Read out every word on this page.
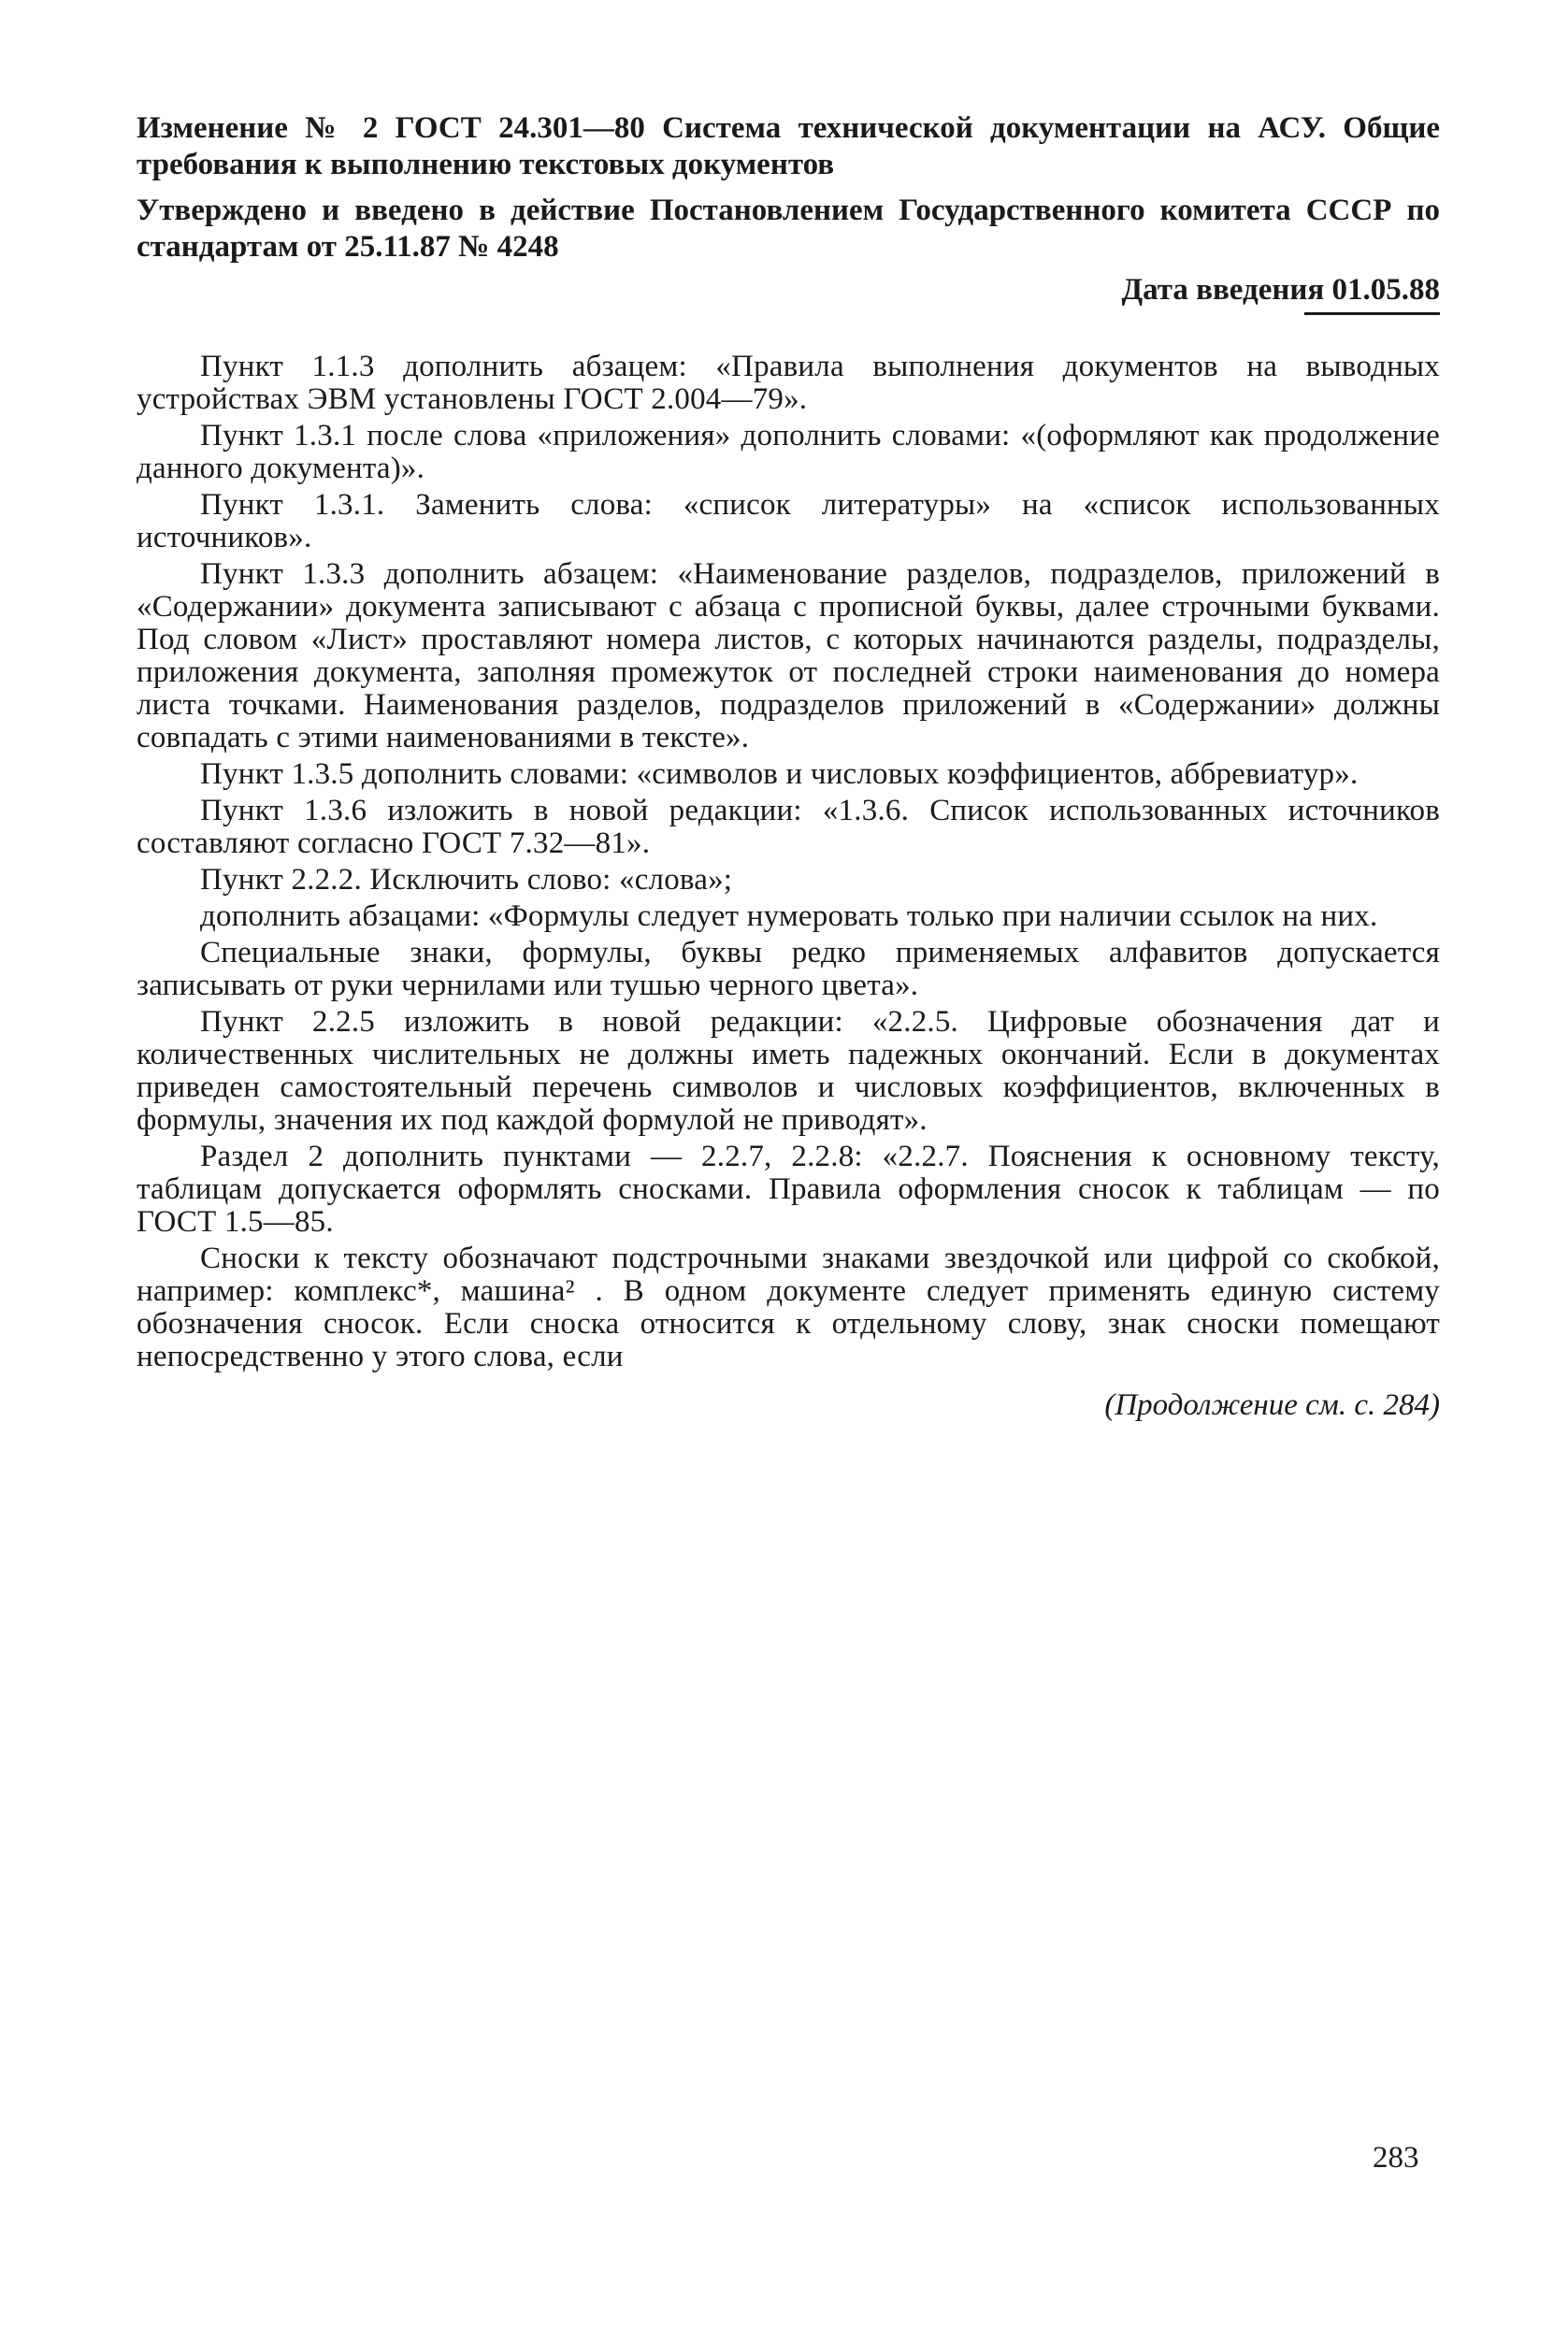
Изменение № 2 ГОСТ 24.301—80 Система технической документации на АСУ. Общие требования к выполнению текстовых документов

Утверждено и введено в действие Постановлением Государственного комитета СССР по стандартам от 25.11.87 № 4248

Дата введения 01.05.88

Пункт 1.1.3 дополнить абзацем: «Правила выполнения документов на выводных устройствах ЭВМ установлены ГОСТ 2.004—79».

Пункт 1.3.1 после слова «приложения» дополнить словами: «(оформляют как продолжение данного документа)».

Пункт 1.3.1. Заменить слова: «список литературы» на «список использованных источников».

Пункт 1.3.3 дополнить абзацем: «Наименование разделов, подразделов, приложений в «Содержании» документа записывают с абзаца с прописной буквы, далее строчными буквами. Под словом «Лист» проставляют номера листов, с которых начинаются разделы, подразделы, приложения документа, заполняя промежуток от последней строки наименования до номера листа точками. Наименования разделов, подразделов приложений в «Содержании» должны совпадать с этими наименованиями в тексте».

Пункт 1.3.5 дополнить словами: «символов и числовых коэффициентов, аббревиатур».

Пункт 1.3.6 изложить в новой редакции: «1.3.6. Список использованных источников составляют согласно ГОСТ 7.32—81».

Пункт 2.2.2. Исключить слово: «слова»;

дополнить абзацами: «Формулы следует нумеровать только при наличии ссылок на них.

Специальные знаки, формулы, буквы редко применяемых алфавитов допускается записывать от руки чернилами или тушью черного цвета».

Пункт 2.2.5 изложить в новой редакции: «2.2.5. Цифровые обозначения дат и количественных числительных не должны иметь падежных окончаний. Если в документах приведен самостоятельный перечень символов и числовых коэффициентов, включенных в формулы, значения их под каждой формулой не приводят».

Раздел 2 дополнить пунктами — 2.2.7, 2.2.8: «2.2.7. Пояснения к основному тексту, таблицам допускается оформлять сносками. Правила оформления сносок к таблицам — по ГОСТ 1.5—85.

Сноски к тексту обозначают подстрочными знаками звездочкой или цифрой со скобкой, например: комплекс*, машина² . В одном документе следует применять единую систему обозначения сносок. Если сноска относится к отдельному слову, знак сноски помещают непосредственно у этого слова, если

(Продолжение см. с. 284)
283
